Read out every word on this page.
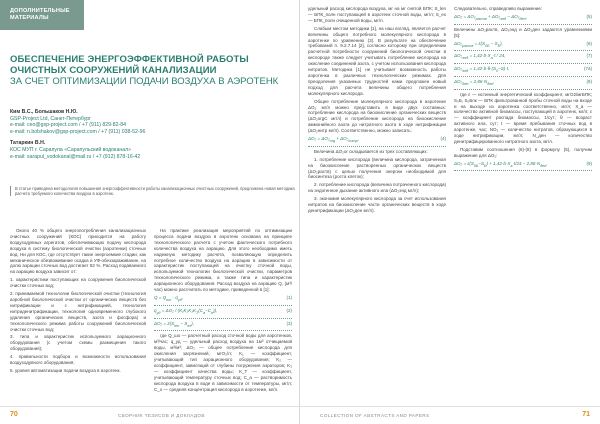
ДОПОЛНИТЕЛЬНЫЕ МАТЕРИАЛЫ
ОБЕСПЕЧЕНИЕ ЭНЕРГОЭФФЕКТИВНОЙ РАБОТЫ ОЧИСТНЫХ СООРУЖЕНИЙ КАНАЛИЗАЦИИ
ЗА СЧЕТ ОПТИМИЗАЦИИ ПОДАЧИ ВОЗДУХА В АЭРОТЕНК
Ким В.С., Большаков Н.Ю.
GSP-Project Ltd, Санкт-Петербург
e-mail: ceo@gsp-project.com / +7 (911) 829-82-84
e-mail: n.bolshakov@gsp-project.com / +7 (911) 038-52-96
Татаркин В.Н.
КОС МУП г. Сарапула «Сарапульский водоканал»
e-mail: sarapul_vodokanal@mail.ru / +7 (912) 878-16-42
В статье приведена методология повышения энергоэффективности работы канализационных очистных сооружений, предложена новая методика расчета требуемого количества воздуха в аэротенк.

Около 40 % общего энергопотребления канализационных очистных сооружений (КОС) приходится на работу воздуходувных агрегатов, обеспечивающих подачу кислорода воздуха в систему биологической очистки (аэротенки) сточных вод. Ни для КОС, где отсутствует такие энергоемкие стадии, как механическое обезвоживание осадка и УФ-обеззараживание, на долю аэрации сточных вод достигает 82 %. Расход подаваемого на аэрацию воздуха зависит от:

1. характеристики поступающих на сооружения биологической очистки сточных вод;

2. принимаемой технологии биологической очистки (технология аэробной биологической очистки от органических веществ без нитрификации и с нитрификацией, технология нитриденитрификации, технология одновременного глубокого удаления органических веществ, азота и фосфора) и технологического режима работы сооружений биологической очистки сточных вод;

3. типа и характеристик используемого аэрационного оборудования (с учетом схемы размещения такого оборудования);

4. правильности подбора и возможности использования воздуходувного оборудования;

5. уровня автоматизации подачи воздуха в аэротенк.

На практике реализация мероприятий по оптимизации процесса подачи воздуха в аэротенк основана на принципе технологического расчета с учетом фактического потребного количества воздуха на аэрацию. Для этого необходимо иметь надежную методику расчета, позволяющую определить потребное количество воздуха на аэрацию в зависимости от характеристик поступающей на очистку сточной воды, используемой технологии биологической очистки, параметров технологического режима, а также типа и характеристик аэрационного оборудования. Расход воздуха на аэрацию Q, (м³/час) можно рассчитать по методике, приведенной в [1]:

$Q = Q_{шо} \cdot q_{уд}$,	(1)
$q_{уд} = \Delta O_2 / (K_1K_2K_3K_T(C_a-C_o))$,	(2)
$\Delta O_2 = z(S_{len} - S_{ex})$,	(3)

где Q_шо — расчетный расход сточной воды для аэротенков, м³/час; q_уд — удельный расход воздуха на 1м³ отчищаемой воды, м³/м³; ΔO₂ — общее потребление кислорода для окисления загрязнений, мгО₂/л; K₁ — коэффициент, учитывающий тип аэрационного оборудования; K₂ — коэффициент, зависящий от глубины погружения аэраторов; K₃ — коэффициент качества воды; K_T — коэффициент, учитывающий температуру сточных вод; C_a — растворимость кислорода воздуха в воде в зависимости от температуры, мг/л; C_o — средняя концентрация кислорода в аэротенке, мг/л.

70	СБОРНИК ТЕЗИСОВ И ДОКЛАДОВ

удельный расход кислорода воздуха, мг на мг снятой БПК; S_len — БПК_полн поступающей в аэротенк сточной воды, мг/л; S_ex — БПК_полн очищенной воды, мг/л.

Слабым местом методики [1], на наш взгляд, является расчет величины общего потребного молекулярного кислорода в аэротенке по уравнению (3). В результате на обеспечение требований п. 9.2.7.14 [2], согласно которому при определении расчетной потребности сооружений биологической очистки в кислороде также следует учитывать потребление кислорода на окисление соединений азота, с учетом использования кислорода нитратов. Методика [1] не учитывает возможность работы аэротенка в различных технологических режимах. Для преодоления указанных трудностей нами предложен новый подход для расчета величины общего потребления молекулярного кислорода.

Общее потребление молекулярного кислорода в аэротенке ΔO₂ мг/л можно представить в виде двух составных: потребление кислорода на биоокисление органических веществ (ΔO₂orgС мг/л) и потребление кислорода на биоокисление аммонийного азота до нитратного азота в ходе нитрификации (ΔO₂нитр мг/л). Соответственно, можно записать:

$\Delta O_2 = \Delta O_2_{org} + \Delta O_2_{нитр}$,	(4)

Величина ΔO₂оr складывается из трех составляющих:

1. потребление кислорода (величина кислорода, затраченная на биоокисление растворенных органических веществ (ΔO₂раств) с целью получения энергии необходимой для биосинтеза (роста клеток);

2. потребление кислорода (величина потраченного кислорода) на эндогенное дыхание активного ила (ΔO₂энд мг/л);

3. экономия молекулярного кислорода за счет использования нитратов на биоокисление части органических веществ в ходе денитрификации (ΔO₂ден мг/л).

Следовательно, справедливо выражение:

$\Delta O_2 = \Delta O_2_{раств} + \Delta O_2_{энд} - \Delta O_2_{ден}$,	(5)

Величины ΔO₂раств, ΔO₂энд и ΔO₂ден задаются уравнениями [5]:

$\Delta O_2_{раств} = \varepsilon(S_{0Б} - S_Б)$,	(6)
$\Delta O_2_{энд} = 1,42\cdot b\cdot X_a\cdot t / 24$,	(7)
$\Delta O_2_{энд} = 1,42\cdot b\cdot\theta\cdot(S_0-S)\cdot t$,	(7а)
$\Delta O_2_{ден} = 2,86\cdot N_{ден}$,	(8)

где ε — истинный энергетический коэффициент, мгО2/мгБПК; S₀Б, S₀Бпк — БПК фильтрованной пробы сточной воды на входе и на выходе из аэротенка соответственно, мг/л; X_a — количество активной биомассы, поступающей в аэротенк, мг/л; ε — коэффициент распада биомассы, 1/сут; θ — возраст активного ила, сут; t — время пребывания сточных вод в аэротенке, час; NO₃ — количество нитратов, образующихся в ходе нитрификации, мг/л; N_ден — количество денитрифицированного нитратного азота, мг/л.

Подставим соотношения (6)-(8) в формулу (5), получим выражение для ΔO₂:

$\Delta O_2 = \varepsilon(S_{0Б}-S_Б) + 1,42\cdot b\cdot X_a\cdot t/24 - 2,86\cdot N_{ден}$,	(9)
COLLECTION OF ABSTRACTS AND PAPERS	71
